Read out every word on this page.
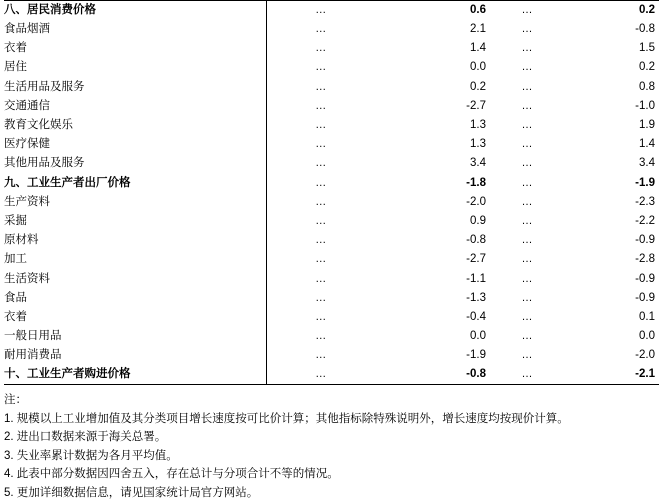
八、居民消费价格	…	0.6	…	0.2
食品烟酒	…	2.1	…	-0.8
衣着	…	1.4	…	1.5
居住	…	0.0	…	0.2
生活用品及服务	…	0.2	…	0.8
交通通信	…	-2.7	…	-1.0
教育文化娱乐	…	1.3	…	1.9
医疗保健	…	1.3	…	1.4
其他用品及服务	…	3.4	…	3.4
九、工业生产者出厂价格	…	-1.8	…	-1.9
生产资料	…	-2.0	…	-2.3
采掘	…	0.9	…	-2.2
原材料	…	-0.8	…	-0.9
加工	…	-2.7	…	-2.8
生活资料	…	-1.1	…	-0.9
食品	…	-1.3	…	-0.9
衣着	…	-0.4	…	0.1
一般日用品	…	0.0	…	0.0
耐用消费品	…	-1.9	…	-2.0
十、工业生产者购进价格	…	-0.8	…	-2.1
注：
1. 规模以上工业增加值及其分类项目增长速度按可比价计算；其他指标除特殊说明外，增长速度均按现价计算。
2. 进出口数据来源于海关总署。
3. 失业率累计数据为各月平均值。
4. 此表中部分数据因四舍五入，存在总计与分项合计不等的情况。
5. 更加详细数据信息，请见国家统计局官方网站。
